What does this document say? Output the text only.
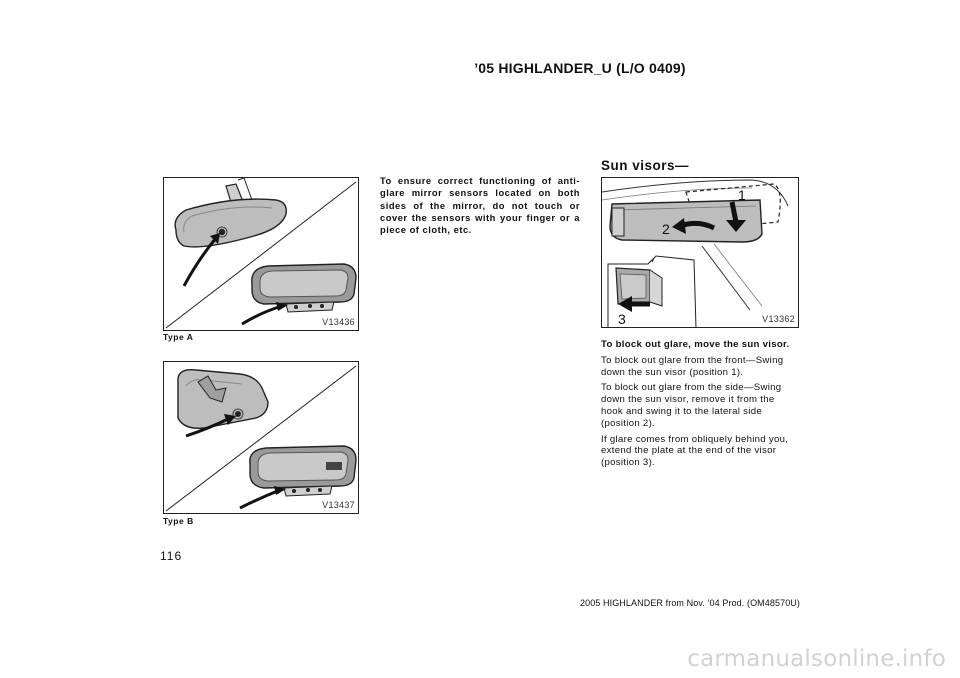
’05 HIGHLANDER_U (L/O 0409)
V13436
Type A
V13437
Type B
To ensure correct functioning of anti-glare mirror sensors located on both sides of the mirror, do not touch or cover the sensors with your finger or a piece of cloth, etc.
Sun visors—
1
2
3	V13362

To block out glare, move the sun visor.

To block out glare from the front—Swing down the sun visor (position 1).

To block out glare from the side—Swing down the sun visor, remove it from the hook and swing it to the lateral side (position 2).

If glare comes from obliquely behind you, extend the plate at the end of the visor (position 3).

116
2005 HIGHLANDER from Nov. ’04 Prod. (OM48570U)
carmanualsonline.info
